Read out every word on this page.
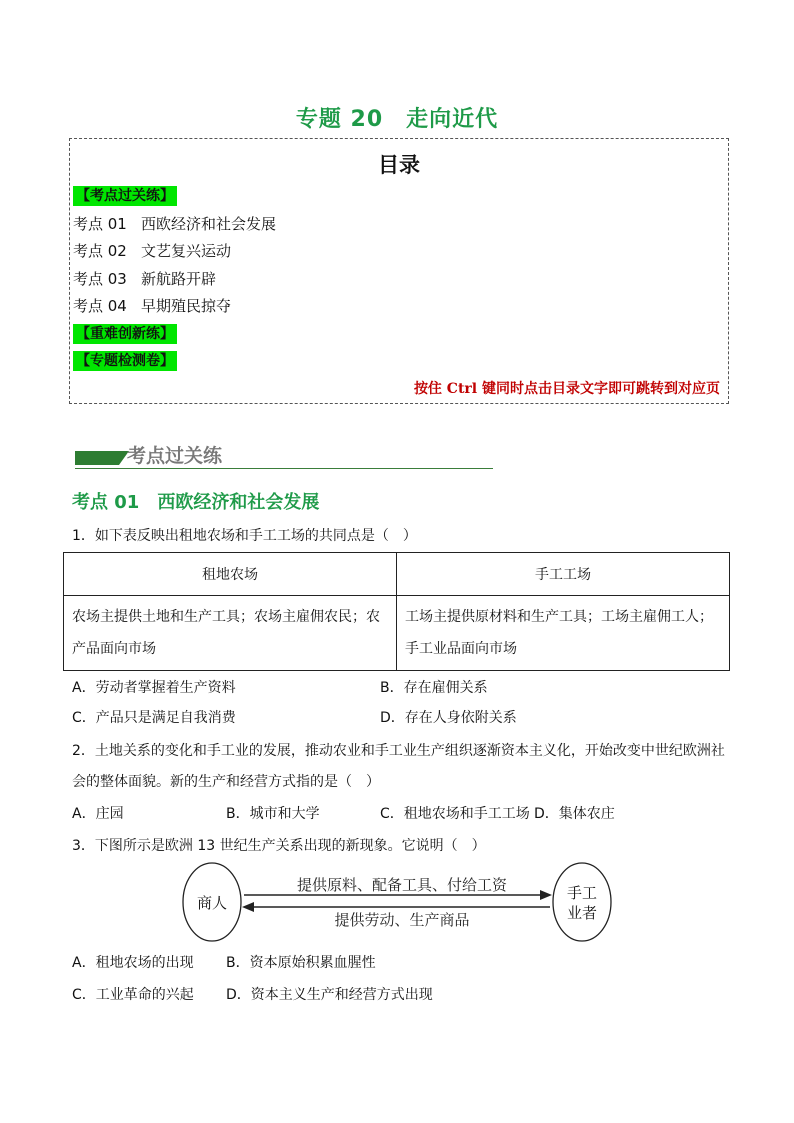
专题 20　走向近代
目录
【考点过关练】
考点 01 西欧经济和社会发展
考点 02 文艺复兴运动
考点 03 新航路开辟
考点 04 早期殖民掠夺
【重难创新练】
【专题检测卷】
按住 Ctrl 键同时点击目录文字即可跳转到对应页
考点过关练
考点 01　西欧经济和社会发展
1．如下表反映出租地农场和手工工场的共同点是（　）
租地农场	手工工场
农场主提供土地和生产工具；农场主雇佣农民；农产品面向市场	工场主提供原材料和生产工具；工场主雇佣工人；手工业品面向市场
A．劳动者掌握着生产资料	B．存在雇佣关系
C．产品只是满足自我消费	D．存在人身依附关系
2．土地关系的变化和手工业的发展，推动农业和手工业生产组织逐渐资本主义化，开始改变中世纪欧洲社
会的整体面貌。新的生产和经营方式指的是（　）
A．庄园	B．城市和大学	C．租地农场和手工工场 D．集体农庄
3．下图所示是欧洲 13 世纪生产关系出现的新现象。它说明（　）
商人
手工
业者
提供原料、配备工具、付给工资
提供劳动、生产商品
A．租地农场的出现 B．资本原始积累血腥性
C．工业革命的兴起 D．资本主义生产和经营方式出现
